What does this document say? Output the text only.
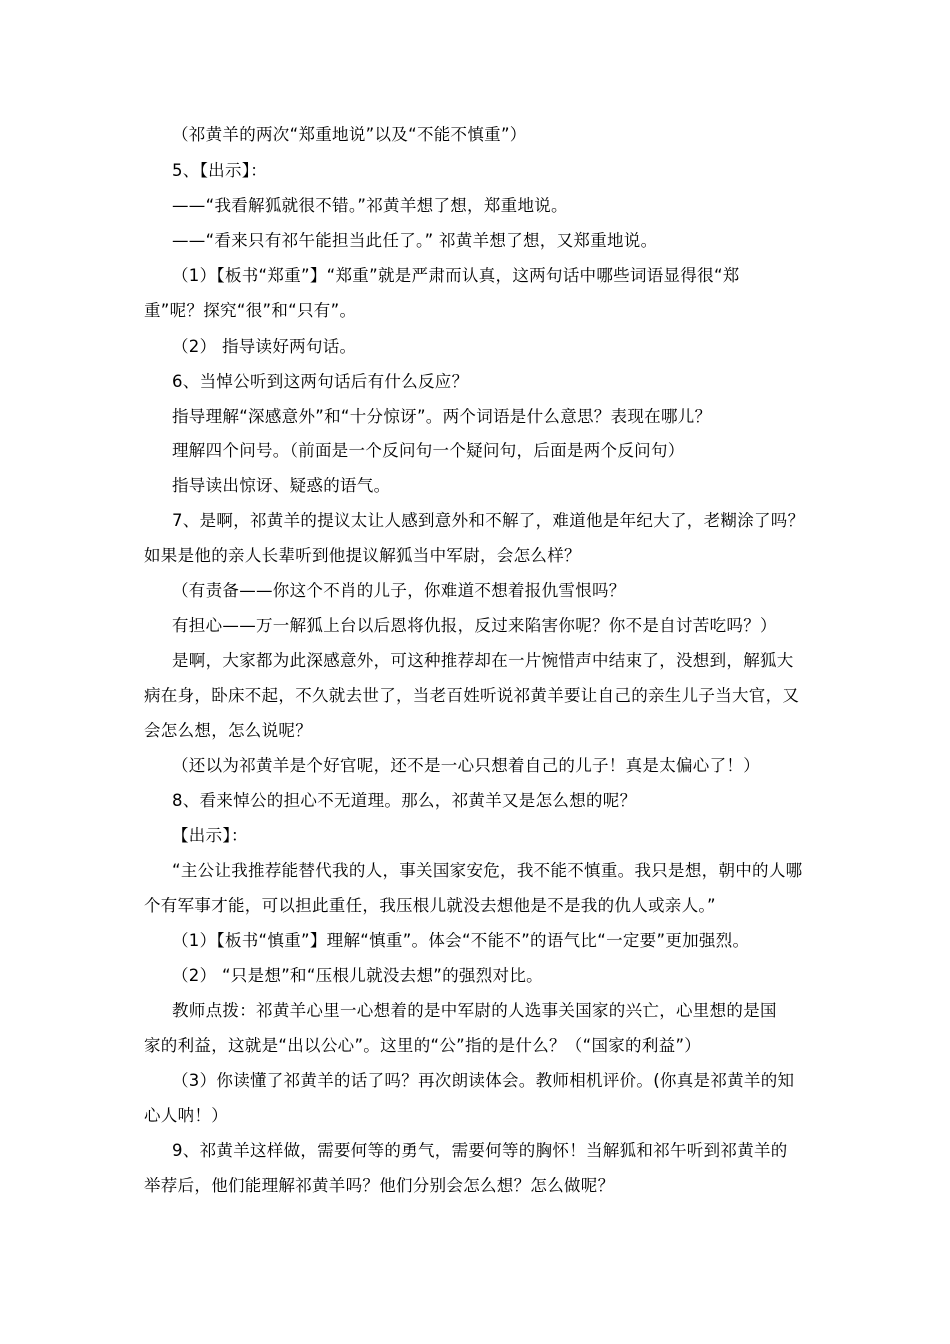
（祁黄羊的两次“郑重地说”以及“不能不慎重”）
5、【出示】：
——“我看解狐就很不错。”祁黄羊想了想，郑重地说。
——“看来只有祁午能担当此任了。” 祁黄羊想了想，又郑重地说。
（1）【板书“郑重”】“郑重”就是严肃而认真，这两句话中哪些词语显得很“郑
重”呢？探究“很”和“只有”。
（2） 指导读好两句话。
6、当悼公听到这两句话后有什么反应？
指导理解“深感意外”和“十分惊讶”。两个词语是什么意思？表现在哪儿？
理解四个问号。（前面是一个反问句一个疑问句，后面是两个反问句）
指导读出惊讶、疑惑的语气。
7、是啊，祁黄羊的提议太让人感到意外和不解了，难道他是年纪大了，老糊涂了吗？
如果是他的亲人长辈听到他提议解狐当中军尉，会怎么样？
（有责备——你这个不肖的儿子，你难道不想着报仇雪恨吗？
有担心——万一解狐上台以后恩将仇报，反过来陷害你呢？你不是自讨苦吃吗？）
是啊，大家都为此深感意外，可这种推荐却在一片惋惜声中结束了，没想到，解狐大
病在身，卧床不起，不久就去世了，当老百姓听说祁黄羊要让自己的亲生儿子当大官，又
会怎么想，怎么说呢？
（还以为祁黄羊是个好官呢，还不是一心只想着自己的儿子！真是太偏心了！）
8、看来悼公的担心不无道理。那么，祁黄羊又是怎么想的呢？
【出示】：
“主公让我推荐能替代我的人，事关国家安危，我不能不慎重。我只是想，朝中的人哪
个有军事才能，可以担此重任，我压根儿就没去想他是不是我的仇人或亲人。”
（1）【板书“慎重”】理解“慎重”。体会“不能不”的语气比“一定要”更加强烈。
（2） “只是想”和“压根儿就没去想”的强烈对比。
教师点拨：祁黄羊心里一心想着的是中军尉的人选事关国家的兴亡，心里想的是国
家的利益，这就是“出以公心”。这里的“公”指的是什么？（“国家的利益”）
（3）你读懂了祁黄羊的话了吗？再次朗读体会。教师相机评价。(你真是祁黄羊的知
心人呐！）
9、祁黄羊这样做，需要何等的勇气，需要何等的胸怀！当解狐和祁午听到祁黄羊的
举荐后，他们能理解祁黄羊吗？他们分别会怎么想？怎么做呢？
